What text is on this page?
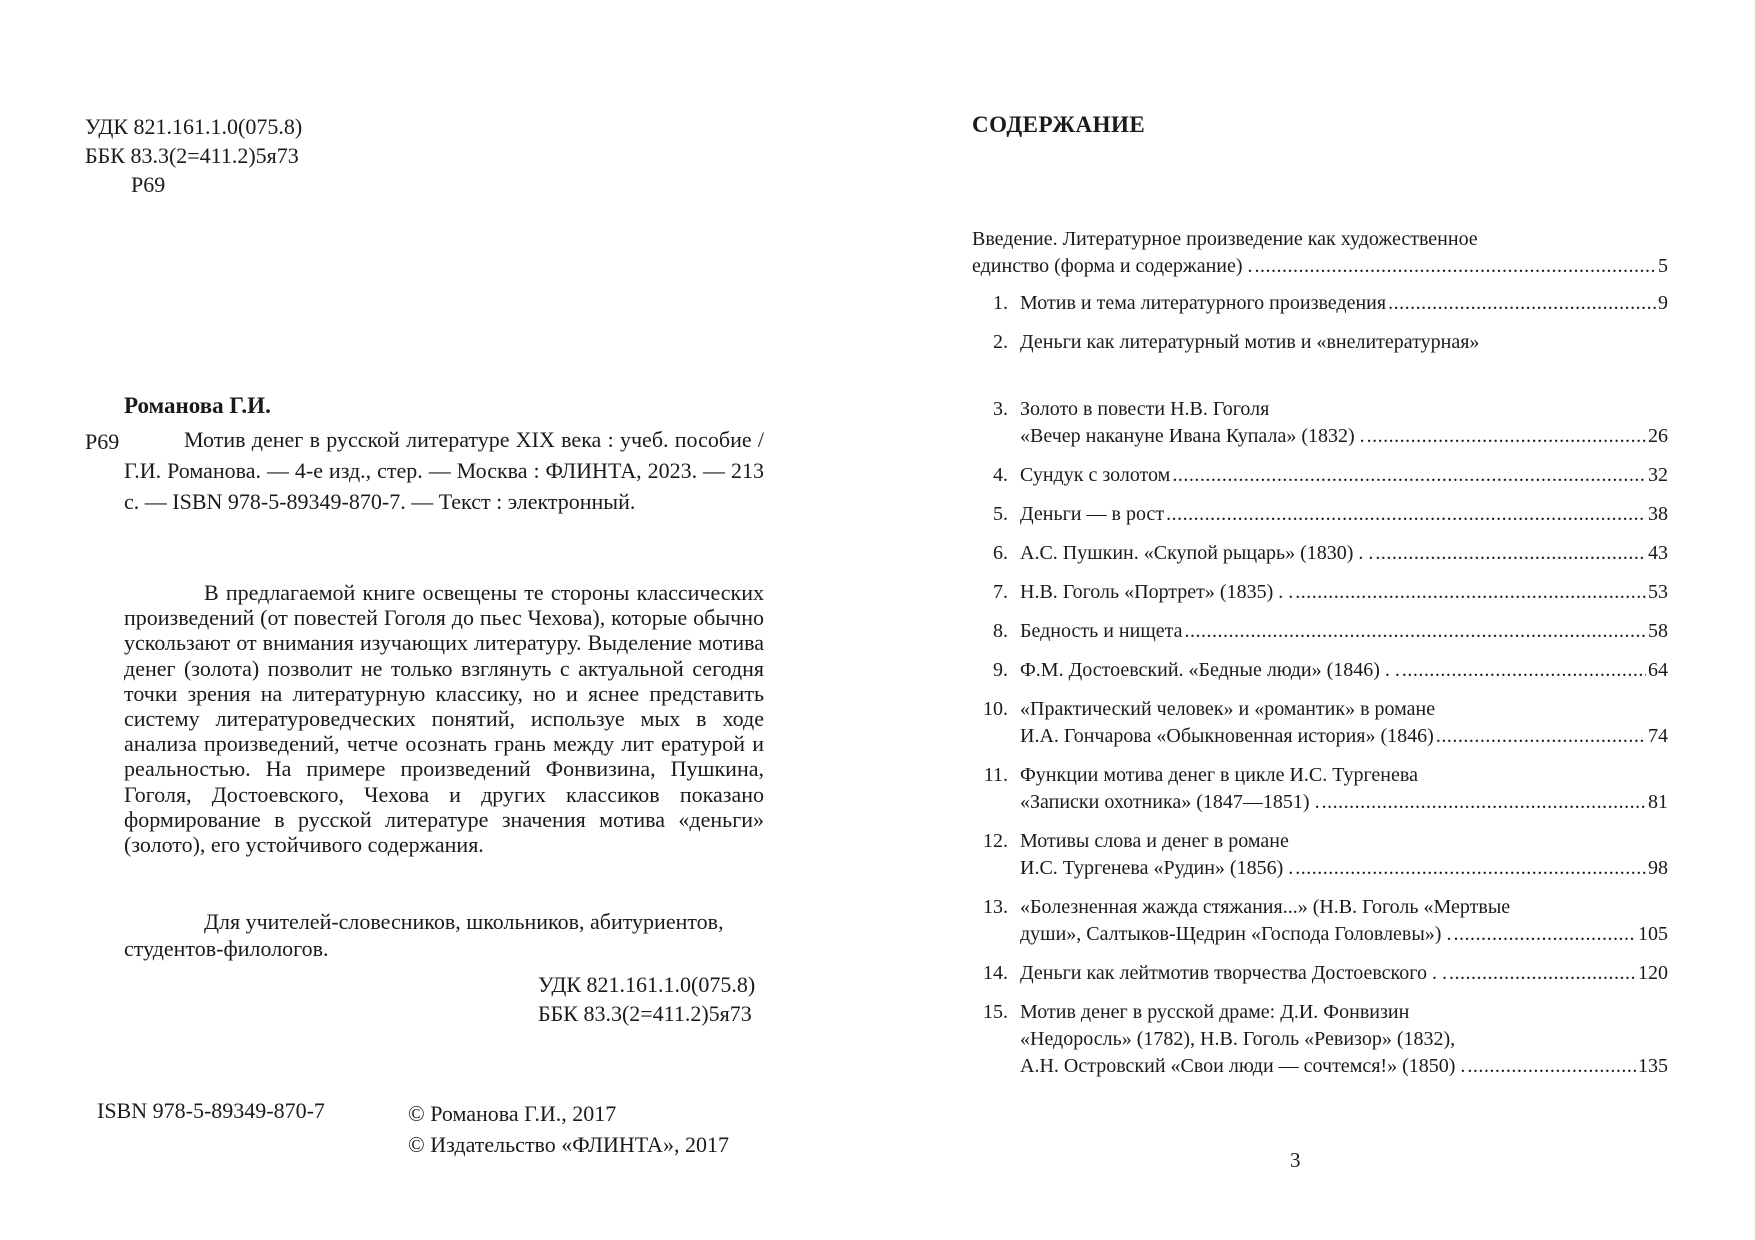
УДК 821.161.1.0(075.8)
ББК 83.3(2=411.2)5я73
Р69
Романова Г.И.
Р69	Мотив денег в русской литературе XIX века : учеб. пособие / Г.И. Романова. — 4-е изд., стер. — Москва : ФЛИНТА, 2023. — 213 с. — ISBN 978-5-89349-870-7. — Текст : электронный.
В предлагаемой книге освещены те стороны классических произведений (от повестей Гоголя до пьес Чехова), которые обычно ускользают от внимания изучающих литературу. Выделение мотива денег (золота) позволит не только взглянуть с актуальной сегодня точки зрения на литературную классику, но и яснее представить систему литературоведческих понятий, используе мых в ходе анализа произведений, четче осознать грань между лит ературой и реальностью. На примере произведений Фонвизина, Пушкина, Гоголя, Достоевского, Чехова и других классиков показано формирование в русской литературе значения мотива «деньги» (золото), его устойчивого содержания.
Для учителей-словесников, школьников, абитуриентов, студентов-филологов.
УДК 821.161.1.0(075.8)
ББК 83.3(2=411.2)5я73
ISBN 978-5-89349-870-7	© Романова Г.И., 2017
© Издательство «ФЛИНТА», 2017
СОДЕРЖАНИЕ
Введение. Литературное произведение как художественное
единство (форма и содержание) . .....	5
1. Мотив и тема литературного произведения .....	9
2. Деньги как литературный мотив и «внелитературная»
3. Золото в повести Н.В. Гоголя
«Вечер накануне Ивана Купала» (1832) . .....	26
4. Сундук с золотом .....	32
5. Деньги — в рост .....	38
6. А.С. Пушкин. «Скупой рыцарь» (1830) . . .....	43
7. Н.В. Гоголь «Портрет» (1835) . . .....	53
8. Бедность и нищета .....	58
9. Ф.М. Достоевский. «Бедные люди» (1846) . . .....	64
10. «Практический человек» и «романтик» в романе
И.А. Гончарова «Обыкновенная история» (1846) .....	74
11. Функции мотива денег в цикле И.С. Тургенева
«Записки охотника» (1847—1851) . .....	81
12. Мотивы слова и денег в романе
И.С. Тургенева «Рудин» (1856) . .....	98
13. «Болезненная жажда стяжания...» (Н.В. Гоголь «Мертвые
души», Салтыков-Щедрин «Господа Головлевы») . .....	105
14. Деньги как лейтмотив творчества Достоевского . . .....	120
15. Мотив денег в русской драме: Д.И. Фонвизин
«Недоросль» (1782), Н.В. Гоголь «Ревизор» (1832),
А.Н. Островский «Свои люди — сочтемся!» (1850) . .....	135
3
